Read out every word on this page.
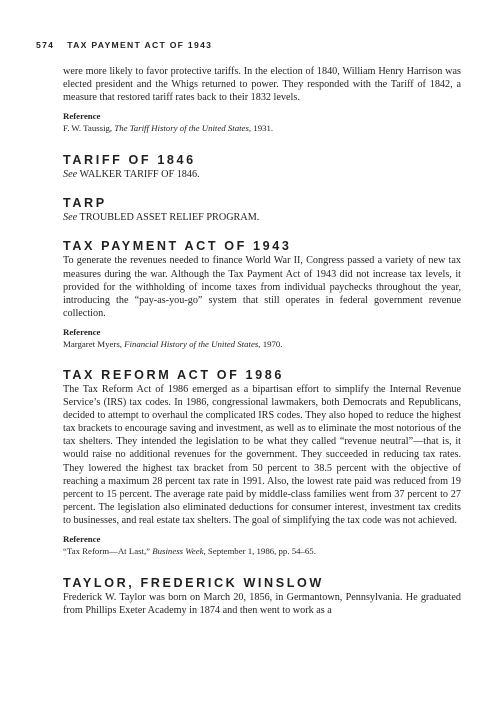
574 TAX PAYMENT ACT OF 1943

were more likely to favor protective tariffs. In the election of 1840, William Henry Harrison was elected president and the Whigs returned to power. They responded with the Tariff of 1842, a measure that restored tariff rates back to their 1832 levels.

Reference

F. W. Taussig, The Tariff History of the United States, 1931.

TARIFF OF 1846

See WALKER TARIFF OF 1846.

TARP

See TROUBLED ASSET RELIEF PROGRAM.

TAX PAYMENT ACT OF 1943

To generate the revenues needed to finance World War II, Congress passed a variety of new tax measures during the war. Although the Tax Payment Act of 1943 did not increase tax levels, it provided for the withholding of income taxes from individual paychecks throughout the year, introducing the “pay-as-you-go” system that still operates in federal government revenue collection.

Reference

Margaret Myers, Financial History of the United States, 1970.

TAX REFORM ACT OF 1986

The Tax Reform Act of 1986 emerged as a bipartisan effort to simplify the Internal Revenue Service’s (IRS) tax codes. In 1986, congressional lawmakers, both Democrats and Republicans, decided to attempt to overhaul the complicated IRS codes. They also hoped to reduce the highest tax brackets to encourage saving and investment, as well as to eliminate the most notorious of the tax shelters. They intended the legislation to be what they called “revenue neutral”—that is, it would raise no additional revenues for the government. They succeeded in reducing tax rates. They lowered the highest tax bracket from 50 percent to 38.5 percent with the objective of reaching a maximum 28 percent tax rate in 1991. Also, the lowest rate paid was reduced from 19 percent to 15 percent. The average rate paid by middle-class families went from 37 percent to 27 percent. The legislation also eliminated deductions for consumer interest, investment tax credits to businesses, and real estate tax shelters. The goal of simplifying the tax code was not achieved.

Reference

“Tax Reform—At Last,” Business Week, September 1, 1986, pp. 54–65.

TAYLOR, FREDERICK WINSLOW

Frederick W. Taylor was born on March 20, 1856, in Germantown, Pennsylvania. He graduated from Phillips Exeter Academy in 1874 and then went to work as a
